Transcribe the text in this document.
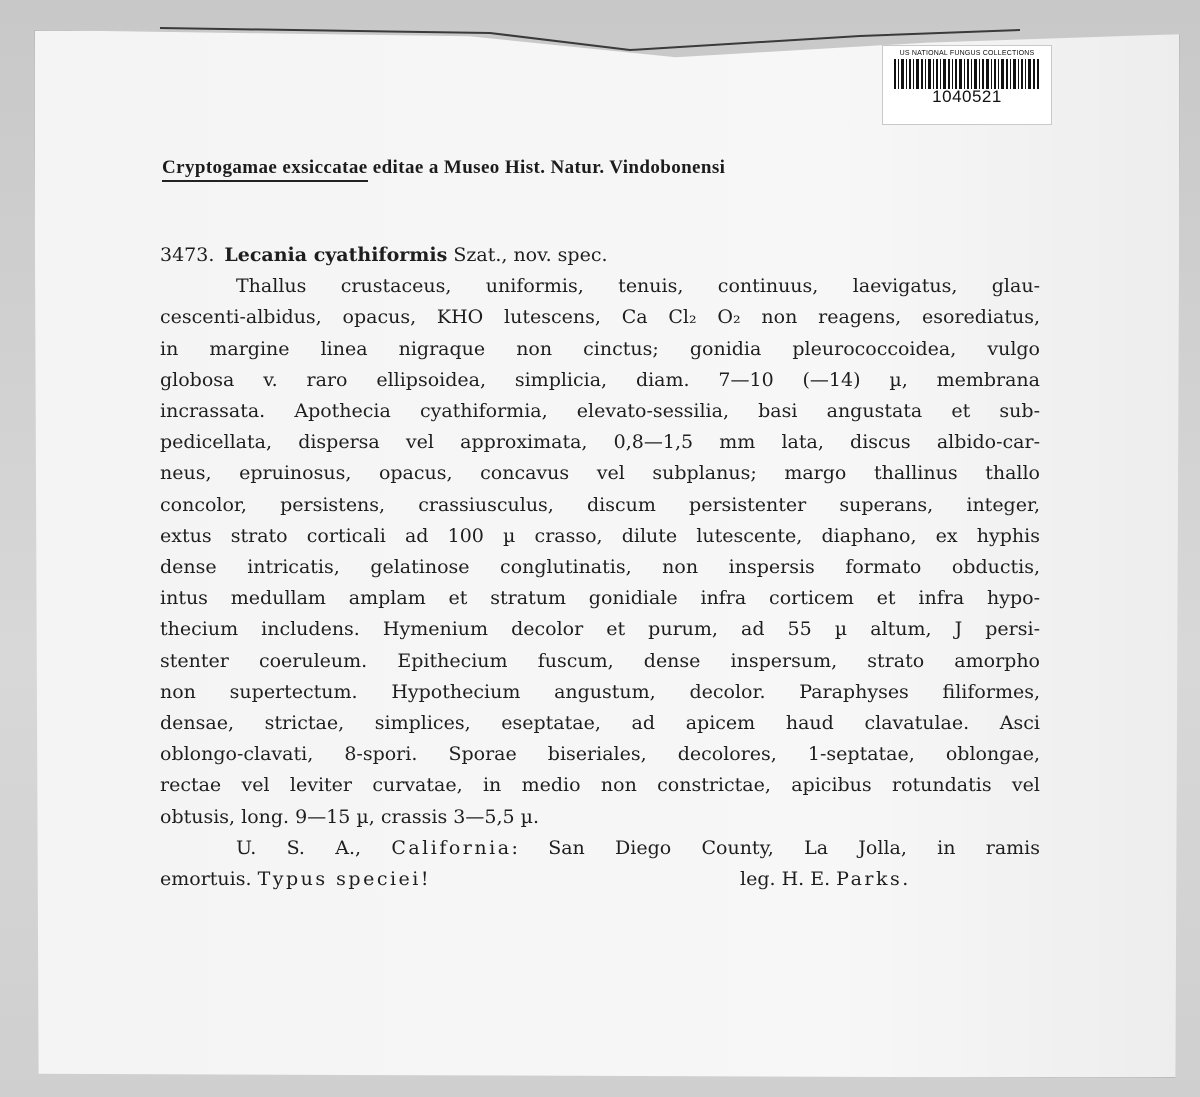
US NATIONAL FUNGUS COLLECTIONS
1040521
Cryptogamae exsiccatae editae a Museo Hist. Natur. Vindobonensi
3473. Lecania cyathiformis Szat., nov. spec.
Thallus crustaceus, uniformis, tenuis, continuus, laevigatus, glau-
cescenti-albidus, opacus, KHO lutescens, Ca Cl₂ O₂ non reagens, esorediatus,
in margine linea nigraque non cinctus; gonidia pleurococcoidea, vulgo
globosa v. raro ellipsoidea, simplicia, diam. 7—10 (—14) µ, membrana
incrassata. Apothecia cyathiformia, elevato-sessilia, basi angustata et sub-
pedicellata, dispersa vel approximata, 0,8—1,5 mm lata, discus albido-car-
neus, epruinosus, opacus, concavus vel subplanus; margo thallinus thallo
concolor, persistens, crassiusculus, discum persistenter superans, integer,
extus strato corticali ad 100 µ crasso, dilute lutescente, diaphano, ex hyphis
dense intricatis, gelatinose conglutinatis, non inspersis formato obductis,
intus medullam amplam et stratum gonidiale infra corticem et infra hypo-
thecium includens. Hymenium decolor et purum, ad 55 µ altum, J persi-
stenter coeruleum. Epithecium fuscum, dense inspersum, strato amorpho
non supertectum. Hypothecium angustum, decolor. Paraphyses filiformes,
densae, strictae, simplices, eseptatae, ad apicem haud clavatulae. Asci
oblongo-clavati, 8-spori. Sporae biseriales, decolores, 1-septatae, oblongae,
rectae vel leviter curvatae, in medio non constrictae, apicibus rotundatis vel
obtusis, long. 9—15 µ, crassis 3—5,5 µ.
U. S. A., California: San Diego County, La Jolla, in ramis
emortuis. Typus speciei!	leg. H. E. Parks.
